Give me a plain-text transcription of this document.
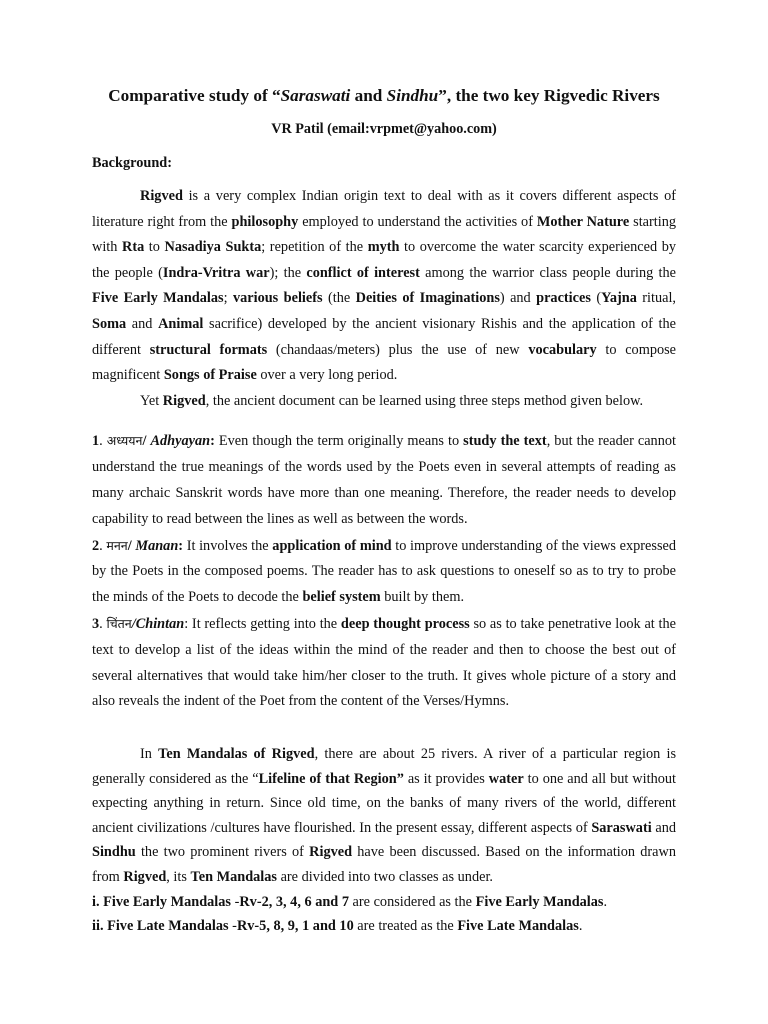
Comparative study of “Saraswati and Sindhu”, the two key Rigvedic Rivers
VR Patil (email:vrpmet@yahoo.com)
Background:

Rigved is a very complex Indian origin text to deal with as it covers different aspects of literature right from the philosophy employed to understand the activities of Mother Nature starting with Rta to Nasadiya Sukta; repetition of the myth to overcome the water scarcity experienced by the people (Indra-Vritra war); the conflict of interest among the warrior class people during the Five Early Mandalas; various beliefs (the Deities of Imaginations) and practices (Yajna ritual, Soma and Animal sacrifice) developed by the ancient visionary Rishis and the application of the different structural formats (chandaas/meters) plus the use of new vocabulary to compose magnificent Songs of Praise over a very long period.

Yet Rigved, the ancient document can be learned using three steps method given below.

1. अध्ययन/ Adhyayan: Even though the term originally means to study the text, but the reader cannot understand the true meanings of the words used by the Poets even in several attempts of reading as many archaic Sanskrit words have more than one meaning. Therefore, the reader needs to develop capability to read between the lines as well as between the words.

2. मनन/ Manan: It involves the application of mind to improve understanding of the views expressed by the Poets in the composed poems. The reader has to ask questions to oneself so as to try to probe the minds of the Poets to decode the belief system built by them.

3. चिंतन/Chintan: It reflects getting into the deep thought process so as to take penetrative look at the text to develop a list of the ideas within the mind of the reader and then to choose the best out of several alternatives that would take him/her closer to the truth. It gives whole picture of a story and also reveals the indent of the Poet from the content of the Verses/Hymns.

In Ten Mandalas of Rigved, there are about 25 rivers. A river of a particular region is generally considered as the “Lifeline of that Region” as it provides water to one and all but without expecting anything in return. Since old time, on the banks of many rivers of the world, different ancient civilizations /cultures have flourished. In the present essay, different aspects of Saraswati and Sindhu the two prominent rivers of Rigved have been discussed. Based on the information drawn from Rigved, its Ten Mandalas are divided into two classes as under.

i. Five Early Mandalas -Rv-2, 3, 4, 6 and 7 are considered as the Five Early Mandalas.

ii. Five Late Mandalas -Rv-5, 8, 9, 1 and 10 are treated as the Five Late Mandalas.
